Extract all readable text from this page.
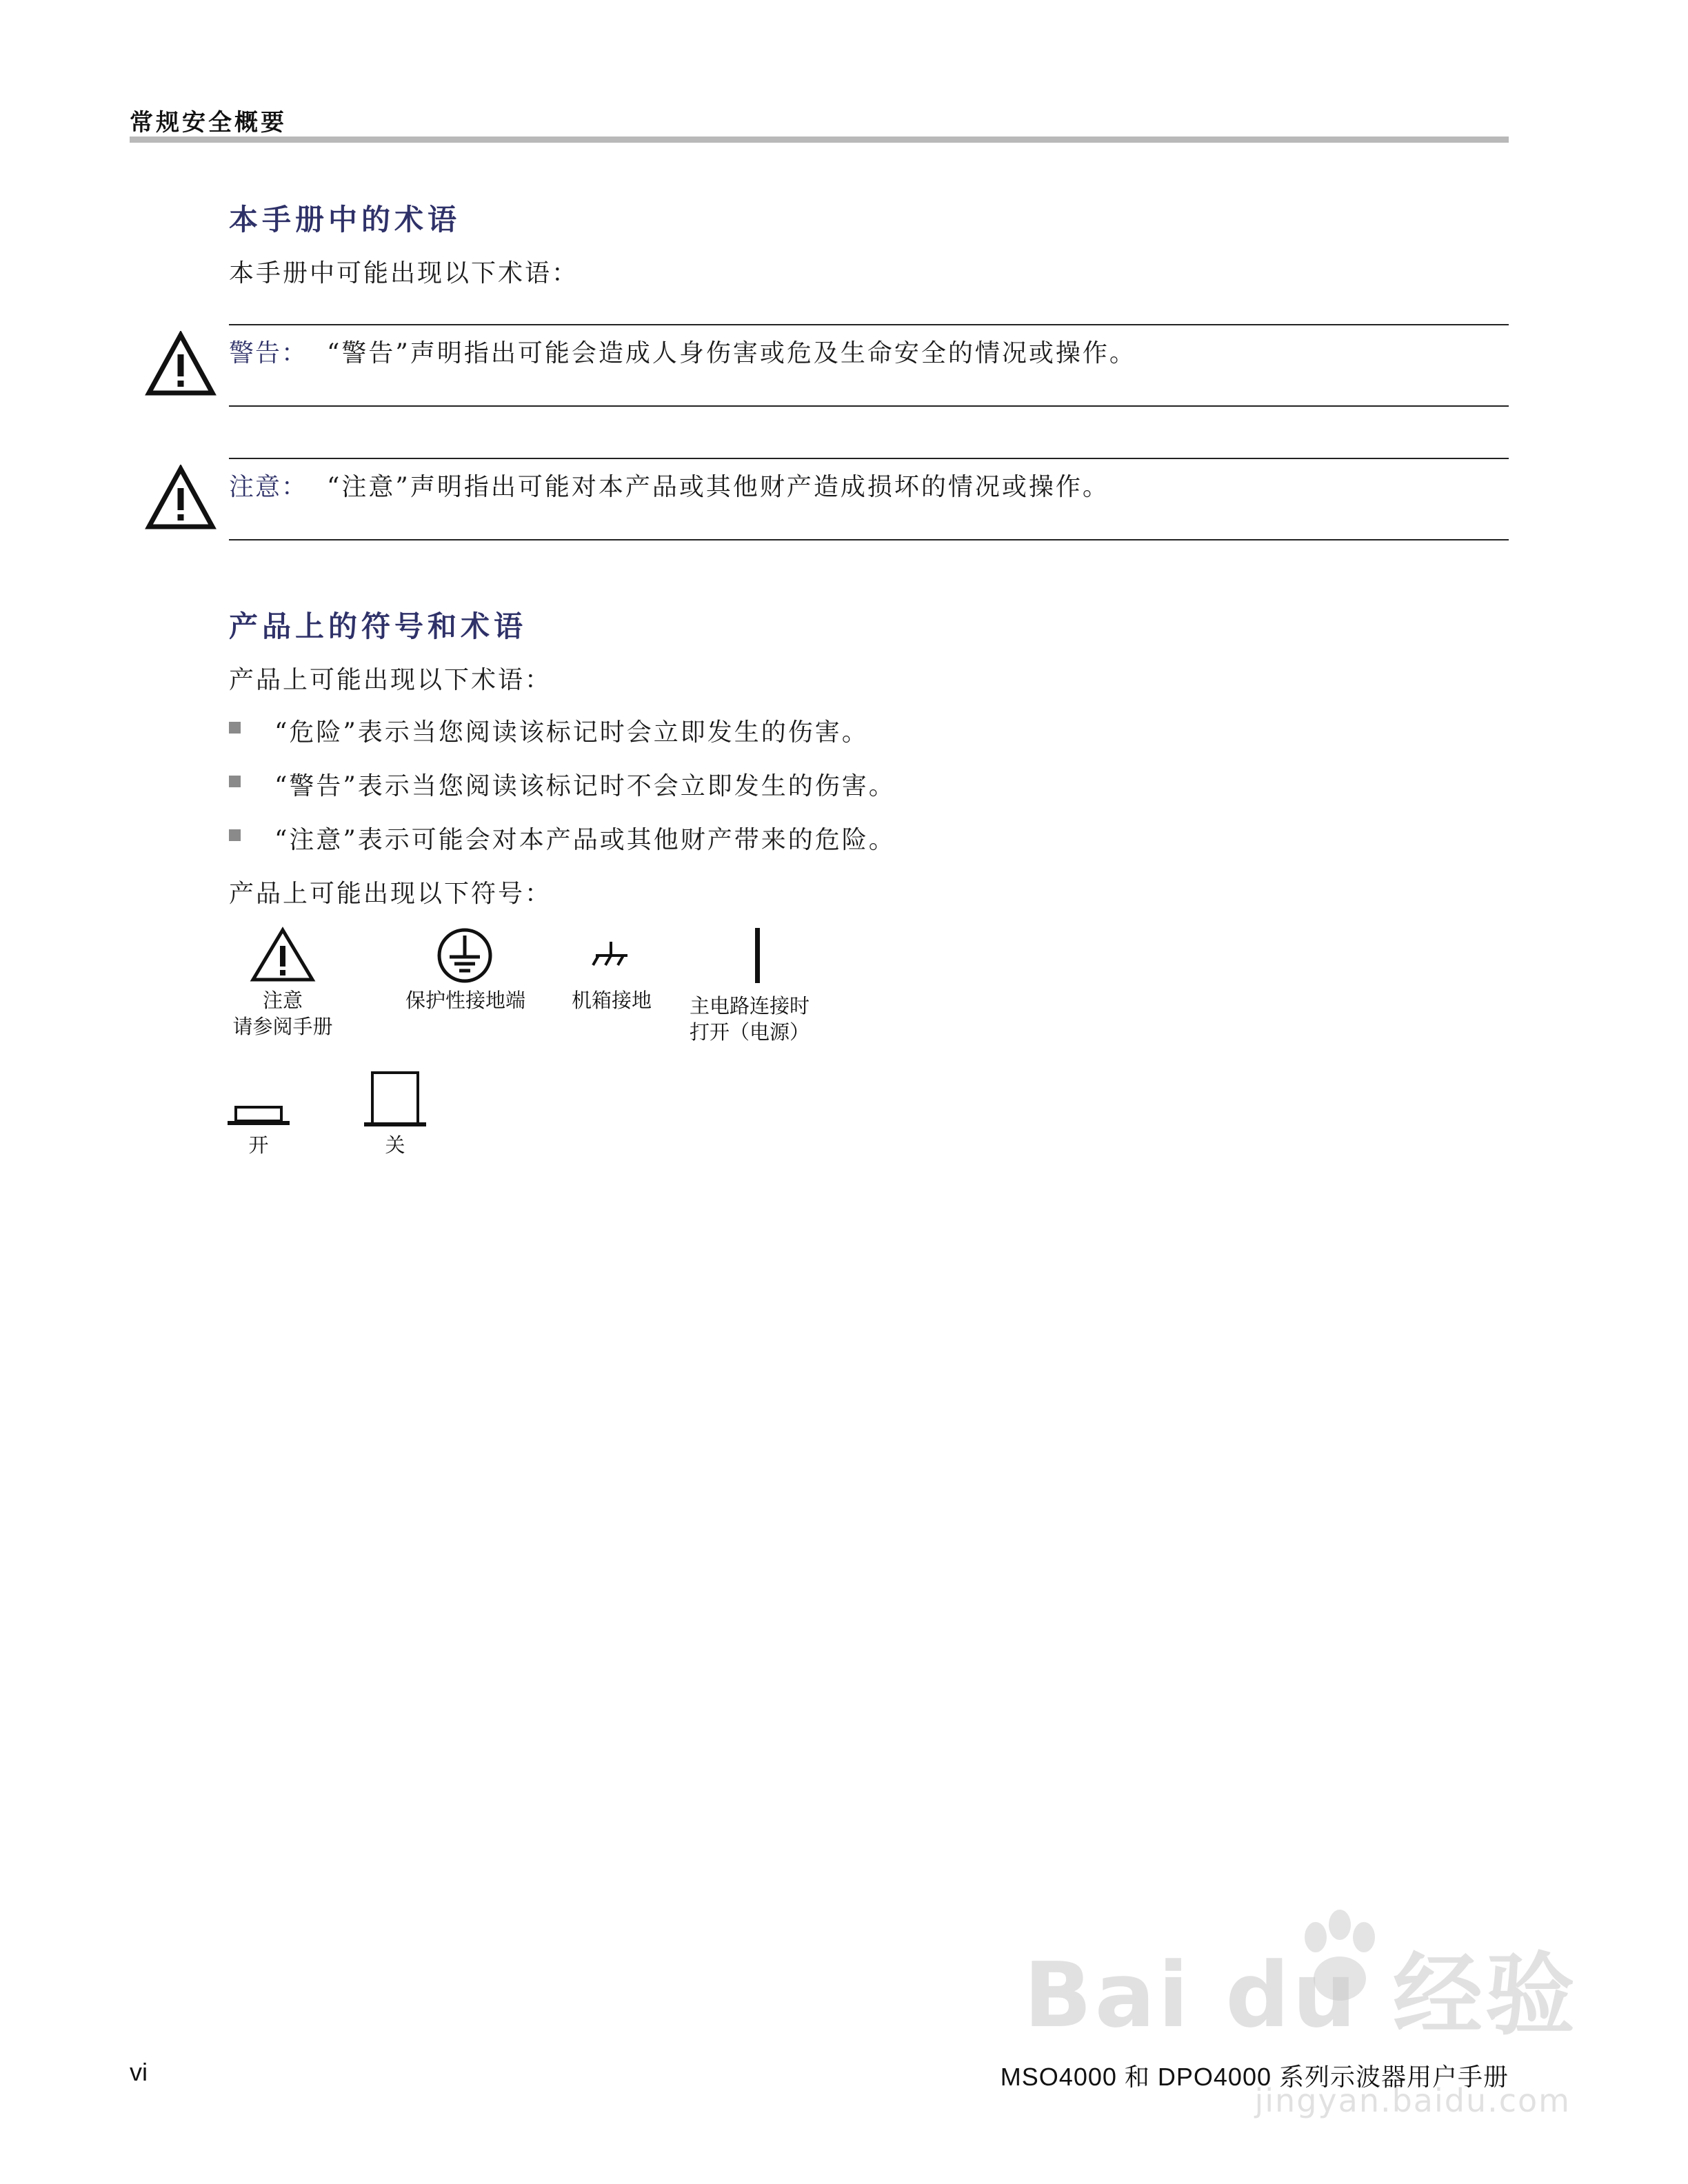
常规安全概要
本手册中的术语
本手册中可能出现以下术语：
警告： “警告”声明指出可能会造成人身伤害或危及生命安全的情况或操作。
注意： “注意”声明指出可能对本产品或其他财产造成损坏的情况或操作。
产品上的符号和术语
产品上可能出现以下术语：
“危险”表示当您阅读该标记时会立即发生的伤害。
“警告”表示当您阅读该标记时不会立即发生的伤害。
“注意”表示可能会对本产品或其他财产带来的危险。
产品上可能出现以下符号：
注意
请参阅手册
保护性接地端	机箱接地	主电路连接时
打开（电源）
开	关
Bai du 经验
jingyan.baidu.com
vi	MSO4000 和 DPO4000 系列示波器用户手册
